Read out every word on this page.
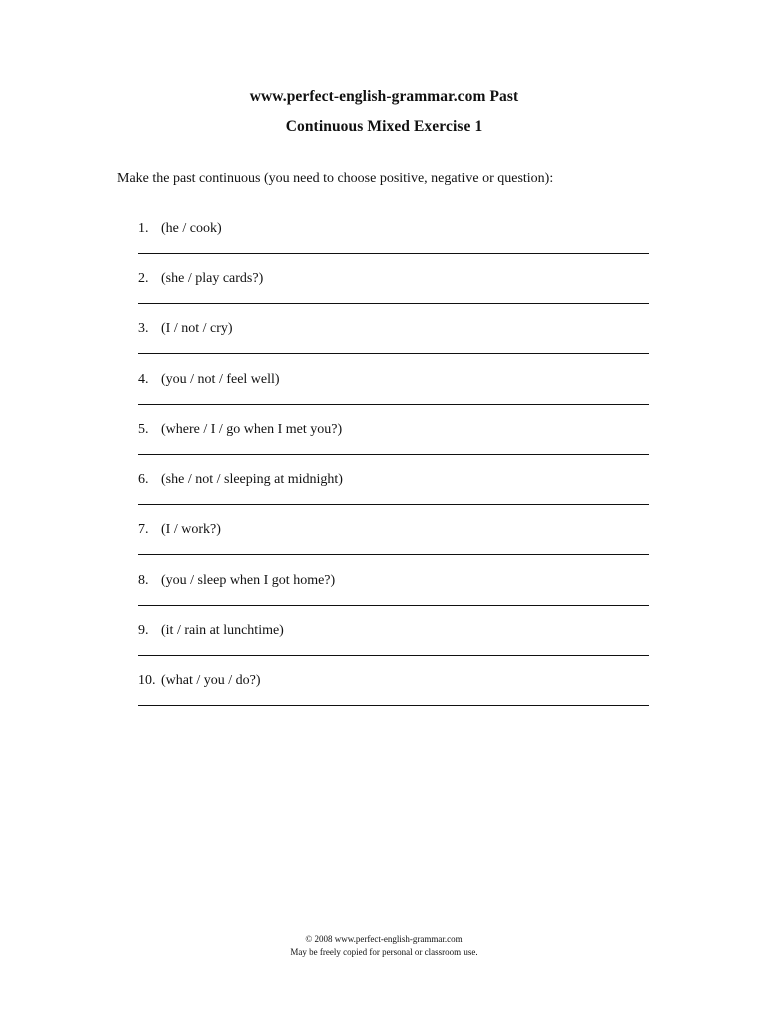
www.perfect-english-grammar.com Past
Continuous Mixed Exercise 1
Make the past continuous (you need to choose positive, negative or question):
1. (he / cook)
2. (she / play cards?)
3. (I / not / cry)
4. (you / not / feel well)
5. (where / I / go when I met you?)
6. (she / not / sleeping at midnight)
7. (I / work?)
8. (you / sleep when I got home?)
9. (it / rain at lunchtime)
10. (what / you / do?)
© 2008 www.perfect-english-grammar.com
May be freely copied for personal or classroom use.
